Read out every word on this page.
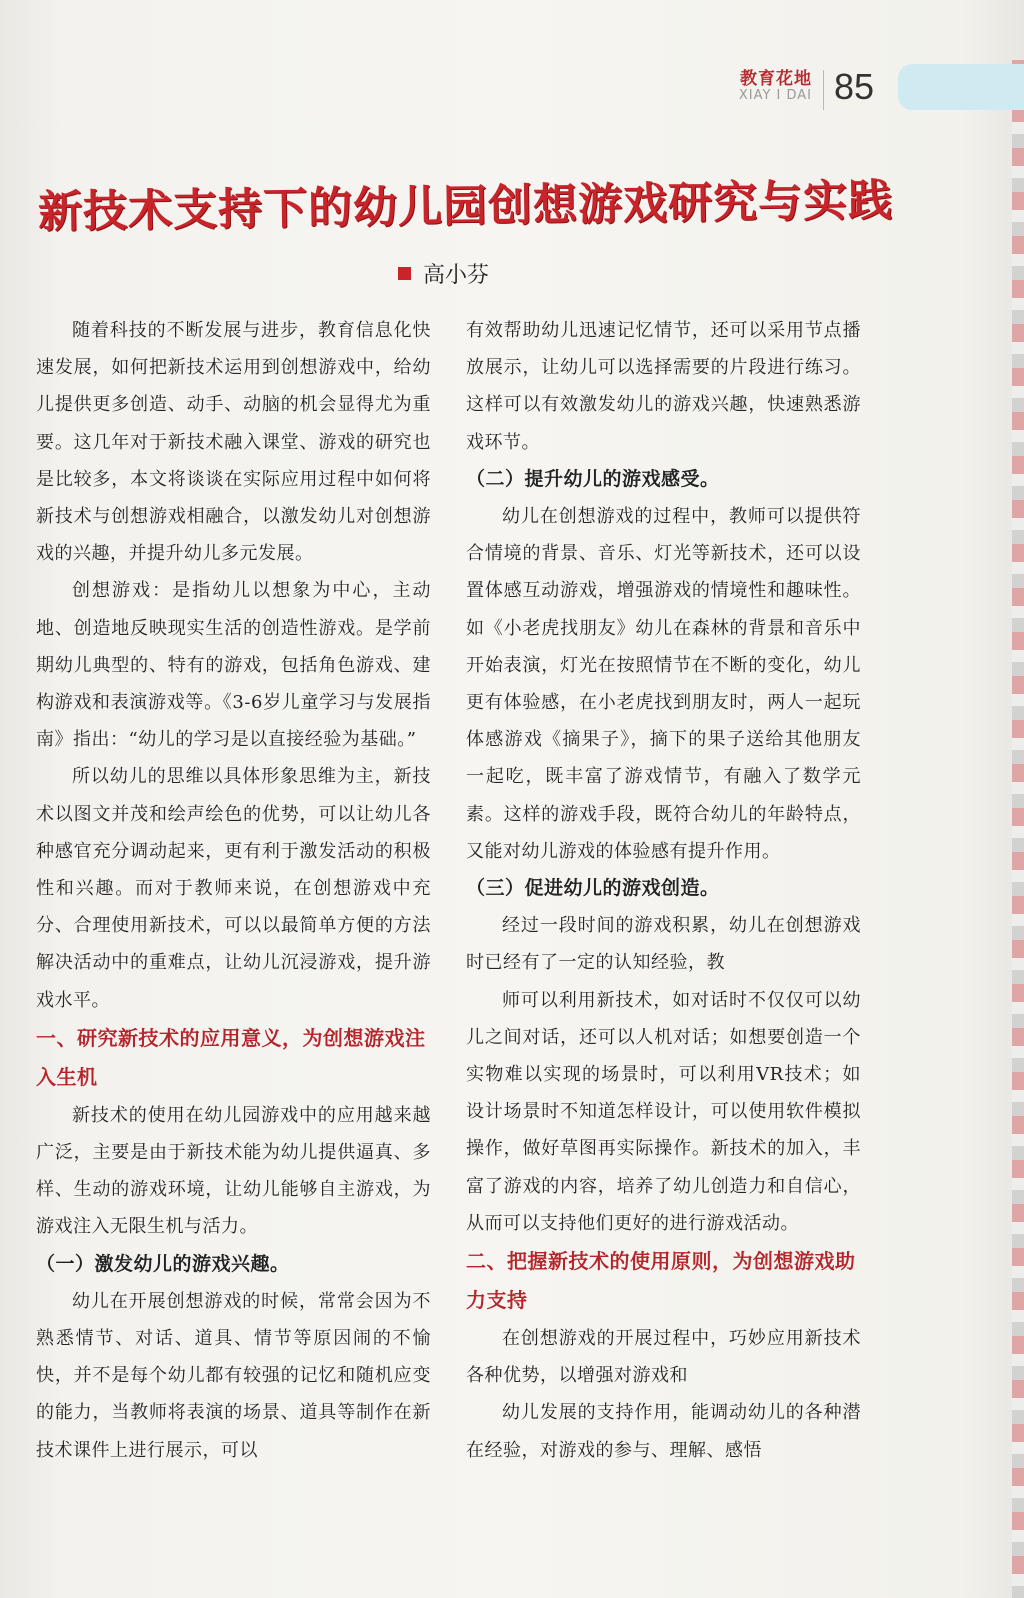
教育花地
XIAY I DAI 85
新技术支持下的幼儿园创想游戏研究与实践
高小芬

随着科技的不断发展与进步，教育信息化快速发展，如何把新技术运用到创想游戏中，给幼儿提供更多创造、动手、动脑的机会显得尤为重要。这几年对于新技术融入课堂、游戏的研究也是比较多，本文将谈谈在实际应用过程中如何将新技术与创想游戏相融合，以激发幼儿对创想游戏的兴趣，并提升幼儿多元发展。

创想游戏：是指幼儿以想象为中心，主动地、创造地反映现实生活的创造性游戏。是学前期幼儿典型的、特有的游戏，包括角色游戏、建构游戏和表演游戏等。《3-6岁儿童学习与发展指南》指出：“幼儿的学习是以直接经验为基础。”

所以幼儿的思维以具体形象思维为主，新技术以图文并茂和绘声绘色的优势，可以让幼儿各种感官充分调动起来，更有利于激发活动的积极性和兴趣。而对于教师来说，在创想游戏中充分、合理使用新技术，可以以最简单方便的方法解决活动中的重难点，让幼儿沉浸游戏，提升游戏水平。

一、研究新技术的应用意义，为创想游戏注入生机

新技术的使用在幼儿园游戏中的应用越来越广泛，主要是由于新技术能为幼儿提供逼真、多样、生动的游戏环境，让幼儿能够自主游戏，为游戏注入无限生机与活力。

（一）激发幼儿的游戏兴趣。

幼儿在开展创想游戏的时候，常常会因为不熟悉情节、对话、道具、情节等原因闹的不愉快，并不是每个幼儿都有较强的记忆和随机应变的能力，当教师将表演的场景、道具等制作在新技术课件上进行展示，可以

有效帮助幼儿迅速记忆情节，还可以采用节点播放展示，让幼儿可以选择需要的片段进行练习。这样可以有效激发幼儿的游戏兴趣，快速熟悉游戏环节。

（二）提升幼儿的游戏感受。

幼儿在创想游戏的过程中，教师可以提供符合情境的背景、音乐、灯光等新技术，还可以设置体感互动游戏，增强游戏的情境性和趣味性。如《小老虎找朋友》幼儿在森林的背景和音乐中开始表演，灯光在按照情节在不断的变化，幼儿更有体验感，在小老虎找到朋友时，两人一起玩体感游戏《摘果子》，摘下的果子送给其他朋友一起吃，既丰富了游戏情节，有融入了数学元素。这样的游戏手段，既符合幼儿的年龄特点，又能对幼儿游戏的体验感有提升作用。

（三）促进幼儿的游戏创造。

经过一段时间的游戏积累，幼儿在创想游戏时已经有了一定的认知经验，教

师可以利用新技术，如对话时不仅仅可以幼儿之间对话，还可以人机对话；如想要创造一个实物难以实现的场景时，可以利用VR技术；如设计场景时不知道怎样设计，可以使用软件模拟操作，做好草图再实际操作。新技术的加入，丰富了游戏的内容，培养了幼儿创造力和自信心，从而可以支持他们更好的进行游戏活动。

二、把握新技术的使用原则，为创想游戏助力支持

在创想游戏的开展过程中，巧妙应用新技术各种优势，以增强对游戏和

幼儿发展的支持作用，能调动幼儿的各种潜在经验，对游戏的参与、理解、感悟
